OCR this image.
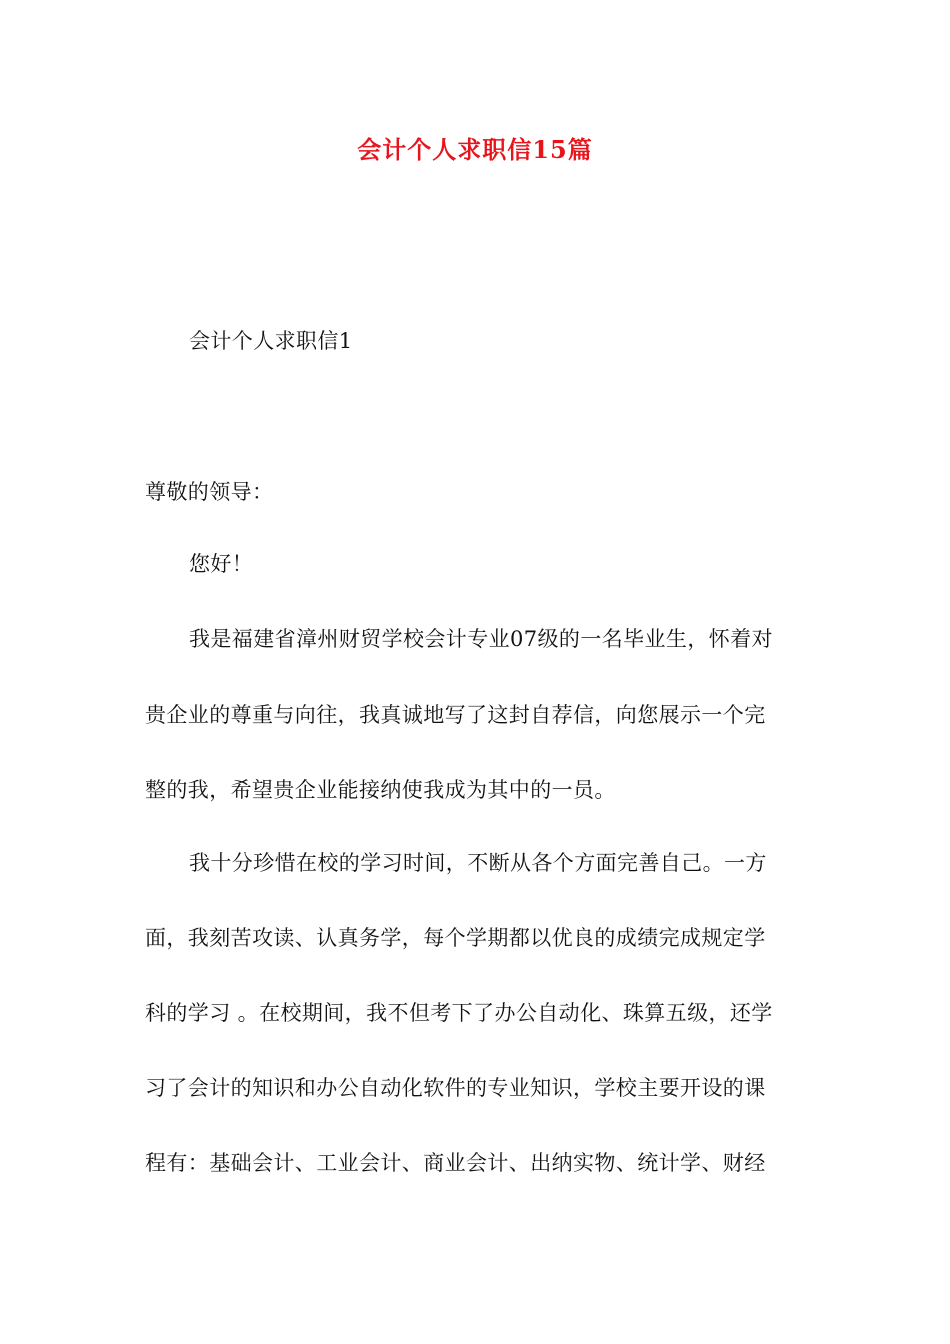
会计个人求职信15篇
会计个人求职信1
尊敬的领导：
您好！
我是福建省漳州财贸学校会计专业07级的一名毕业生，怀着对
贵企业的尊重与向往，我真诚地写了这封自荐信，向您展示一个完
整的我，希望贵企业能接纳使我成为其中的一员。
我十分珍惜在校的学习时间，不断从各个方面完善自己。一方
面，我刻苦攻读、认真务学，每个学期都以优良的成绩完成规定学
科的学习 。在校期间，我不但考下了办公自动化、珠算五级，还学
习了会计的知识和办公自动化软件的专业知识，学校主要开设的课
程有：基础会计、工业会计、商业会计、出纳实物、统计学、财经
